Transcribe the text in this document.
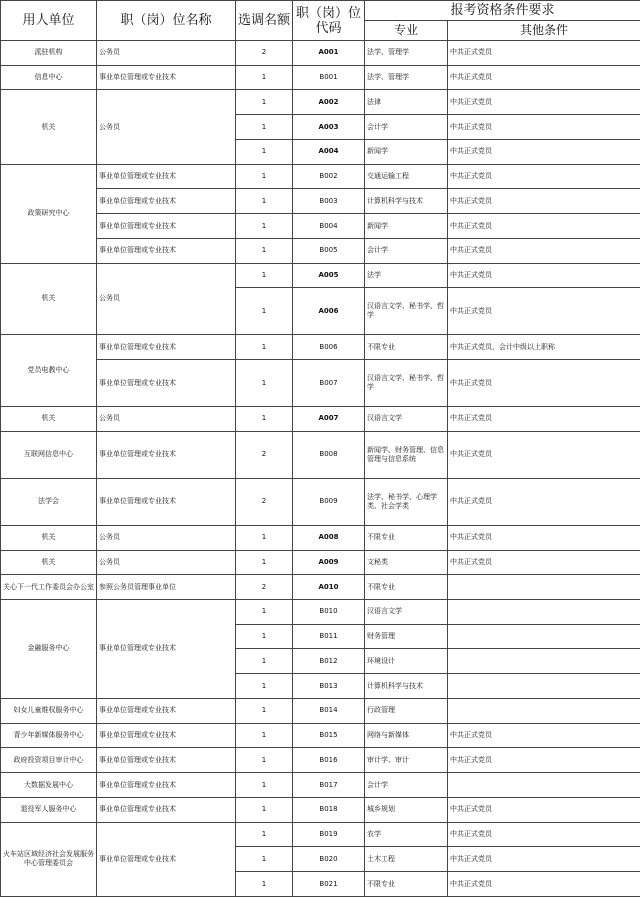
用人单位	职（岗）位名称	选调名额	职（岗）位代码	报考资格条件要求	
				专业	其他条件
派驻机构	公务员	2	A001	法学、管理学	中共正式党员
信息中心	事业单位管理或专业技术	1	B001	法学、管理学	中共正式党员
机关	公务员	1	A002	法律	中共正式党员
		1	A003	会计学	中共正式党员
		1	A004	新闻学	中共正式党员
政策研究中心	事业单位管理或专业技术	1	B002	交通运输工程	中共正式党员
	事业单位管理或专业技术	1	B003	计算机科学与技术	中共正式党员
	事业单位管理或专业技术	1	B004	新闻学	中共正式党员
	事业单位管理或专业技术	1	B005	会计学	中共正式党员
机关	公务员	1	A005	法学	中共正式党员
		1	A006	汉语言文学、秘书学、哲学	中共正式党员
党员电教中心	事业单位管理或专业技术	1	B006	不限专业	中共正式党员，会计中级以上职称
	事业单位管理或专业技术	1	B007	汉语言文学、秘书学、哲学	中共正式党员
机关	公务员	1	A007	汉语言文学	中共正式党员
互联网信息中心	事业单位管理或专业技术	2	B008	新闻学、财务管理、信息管理与信息系统	中共正式党员
法学会	事业单位管理或专业技术	2	B009	法学、秘书学、心理学类、社会学类	中共正式党员
机关	公务员	1	A008	不限专业	中共正式党员
机关	公务员	1	A009	文秘类	中共正式党员
关心下一代工作委员会办公室	参照公务员管理事业单位	2	A010	不限专业	
金融服务中心	事业单位管理或专业技术	1	B010	汉语言文学	
		1	B011	财务管理	
		1	B012	环境设计	
		1	B013	计算机科学与技术	
妇女儿童维权服务中心	事业单位管理或专业技术	1	B014	行政管理	
青少年新媒体服务中心	事业单位管理或专业技术	1	B015	网络与新媒体	中共正式党员
政府投资项目审计中心	事业单位管理或专业技术	1	B016	审计学、审计	中共正式党员
大数据发展中心	事业单位管理或专业技术	1	B017	会计学	
退役军人服务中心	事业单位管理或专业技术	1	B018	城乡规划	中共正式党员
火车站区域经济社会发展服务中心管理委员会	事业单位管理或专业技术	1	B019	农学	中共正式党员
		1	B020	土木工程	中共正式党员
		1	B021	不限专业	中共正式党员
